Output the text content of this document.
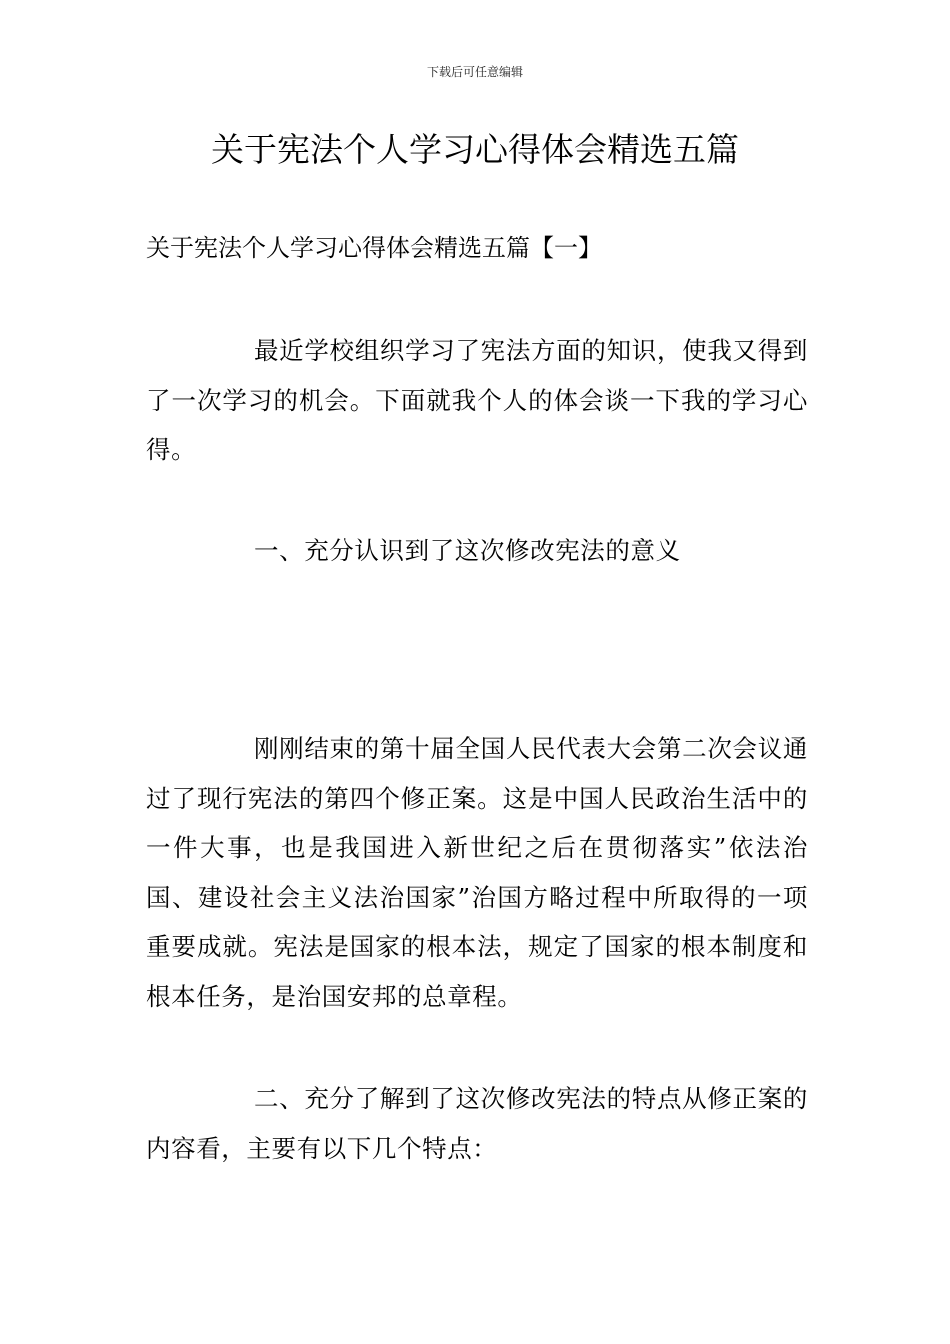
下载后可任意编辑
关于宪法个人学习心得体会精选五篇
关于宪法个人学习心得体会精选五篇【一】

最近学校组织学习了宪法方面的知识，使我又得到了一次学习的机会。下面就我个人的体会谈一下我的学习心得。

一、充分认识到了这次修改宪法的意义

刚刚结束的第十届全国人民代表大会第二次会议通过了现行宪法的第四个修正案。这是中国人民政治生活中的一件大事，也是我国进入新世纪之后在贯彻落实”依法治国、建设社会主义法治国家”治国方略过程中所取得的一项重要成就。宪法是国家的根本法，规定了国家的根本制度和根本任务，是治国安邦的总章程。

二、充分了解到了这次修改宪法的特点从修正案的内容看，主要有以下几个特点：
